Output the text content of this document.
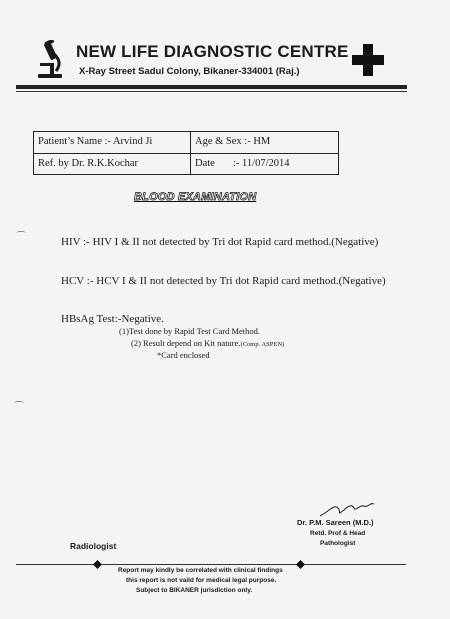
NEW LIFE DIAGNOSTIC CENTRE
X-Ray Street Sadul Colony, Bikaner-334001 (Raj.)
Patient’s Name :- Arvind Ji	Age & Sex :- HM
Ref. by Dr. R.K.Kochar	Date :- 11/07/2014
BLOOD EXAMINATION
⌒
⌒
HIV :- HIV I & II not detected by Tri dot Rapid card method.(Negative)
HCV :- HCV I & II not detected by Tri dot Rapid card method.(Negative)
HBsAg Test:-Negative.
(1)Test done by Rapid Test Card Method.
(2) Result depend on Kit nature.(Comp. ASPEN)
*Card enclosed
Dr. P.M. Sareen (M.D.)
Retd. Prof & Head
Pathologist
Radiologist
Report may kindly be correlated with clinical findings
this report is not vaild for medical legal purpose.
Subject to BIKANER jurisdiction only.
